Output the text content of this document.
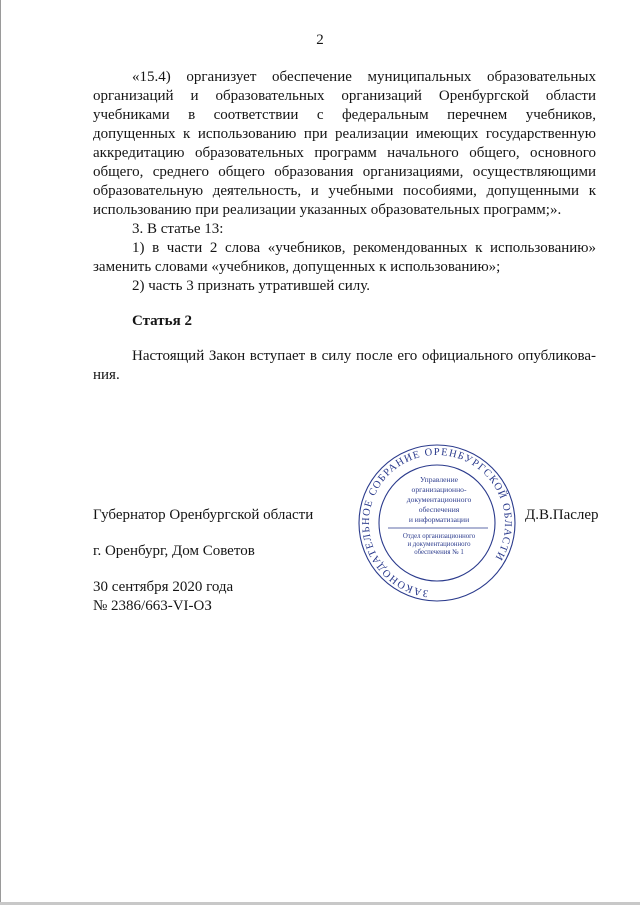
2
«15.4) организует обеспечение муниципальных образовательных
организаций и образовательных организаций Оренбургской области
учебниками в соответствии с федеральным перечнем учебников,
допущенных к использованию при реализации имеющих государственную
аккредитацию образовательных программ начального общего, основного
общего, среднего общего образования организациями, осуществляющими
образовательную деятельность, и учебными пособиями, допущенными к
использованию при реализации указанных образовательных программ;».
3. В статье 13:
1) в части 2 слова «учебников, рекомендованных к использованию»
заменить словами «учебников, допущенных к использованию»;
2) часть 3 признать утратившей силу.
Статья 2
Настоящий Закон вступает в силу после его официального опубликова-
ния.
Губернатор Оренбургской области	Д.В.Паслер
г. Оренбург, Дом Советов
30 сентября 2020 года
№ 2386/663-VI-ОЗ
ЗАКОНОДАТЕЛЬНОЕ СОБРАНИЕ ОРЕНБУРГСКОЙ ОБЛАСТИ
Управление
организационно-
документационного
обеспечения
и информатизации
Отдел организационного
и документационного
обеспечения № 1
